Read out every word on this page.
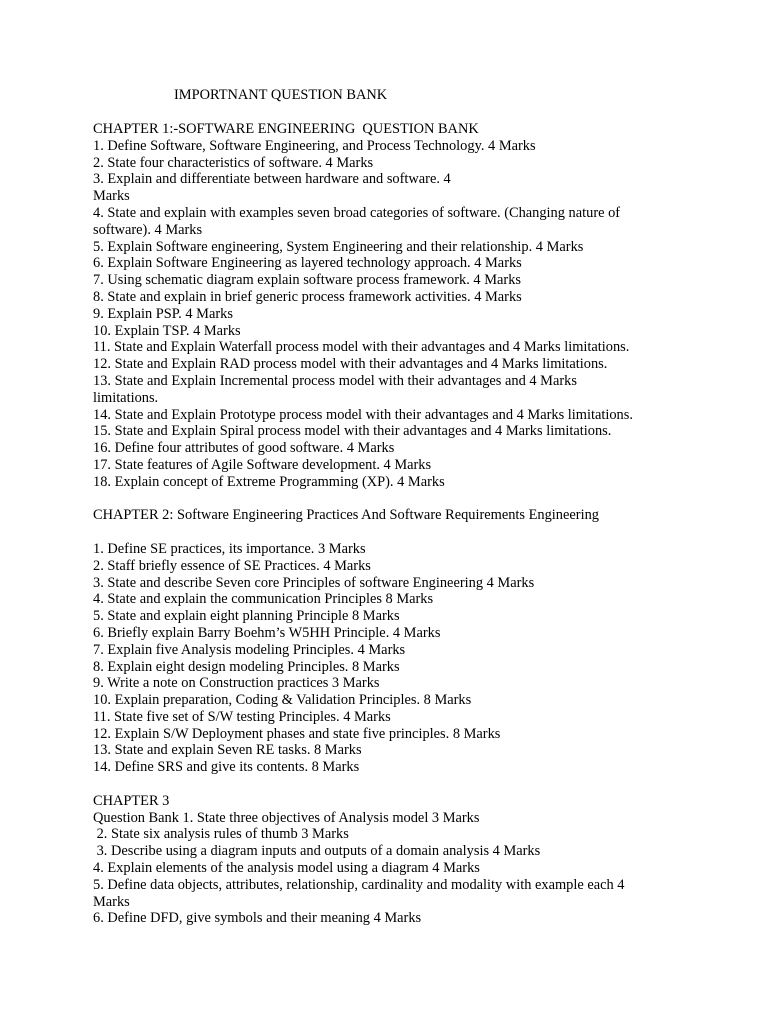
IMPORTNANT QUESTION BANK
CHAPTER 1:-SOFTWARE ENGINEERING  QUESTION BANK
1. Define Software, Software Engineering, and Process Technology. 4 Marks
2. State four characteristics of software. 4 Marks
3. Explain and differentiate between hardware and software. 4
Marks
4. State and explain with examples seven broad categories of software. (Changing nature of
software). 4 Marks
5. Explain Software engineering, System Engineering and their relationship. 4 Marks
6. Explain Software Engineering as layered technology approach. 4 Marks
7. Using schematic diagram explain software process framework. 4 Marks
8. State and explain in brief generic process framework activities. 4 Marks
9. Explain PSP. 4 Marks
10. Explain TSP. 4 Marks
11. State and Explain Waterfall process model with their advantages and 4 Marks limitations.
12. State and Explain RAD process model with their advantages and 4 Marks limitations.
13. State and Explain Incremental process model with their advantages and 4 Marks
limitations.
14. State and Explain Prototype process model with their advantages and 4 Marks limitations.
15. State and Explain Spiral process model with their advantages and 4 Marks limitations.
16. Define four attributes of good software. 4 Marks
17. State features of Agile Software development. 4 Marks
18. Explain concept of Extreme Programming (XP). 4 Marks
CHAPTER 2: Software Engineering Practices And Software Requirements Engineering
1. Define SE practices, its importance. 3 Marks
2. Staff briefly essence of SE Practices. 4 Marks
3. State and describe Seven core Principles of software Engineering 4 Marks
4. State and explain the communication Principles 8 Marks
5. State and explain eight planning Principle 8 Marks
6. Briefly explain Barry Boehm’s W5HH Principle. 4 Marks
7. Explain five Analysis modeling Principles. 4 Marks
8. Explain eight design modeling Principles. 8 Marks
9. Write a note on Construction practices 3 Marks
10. Explain preparation, Coding & Validation Principles. 8 Marks
11. State five set of S/W testing Principles. 4 Marks
12. Explain S/W Deployment phases and state five principles. 8 Marks
13. State and explain Seven RE tasks. 8 Marks
14. Define SRS and give its contents. 8 Marks
CHAPTER 3
Question Bank 1. State three objectives of Analysis model 3 Marks
2. State six analysis rules of thumb 3 Marks
3. Describe using a diagram inputs and outputs of a domain analysis 4 Marks
4. Explain elements of the analysis model using a diagram 4 Marks
5. Define data objects, attributes, relationship, cardinality and modality with example each 4
Marks
6. Define DFD, give symbols and their meaning 4 Marks
